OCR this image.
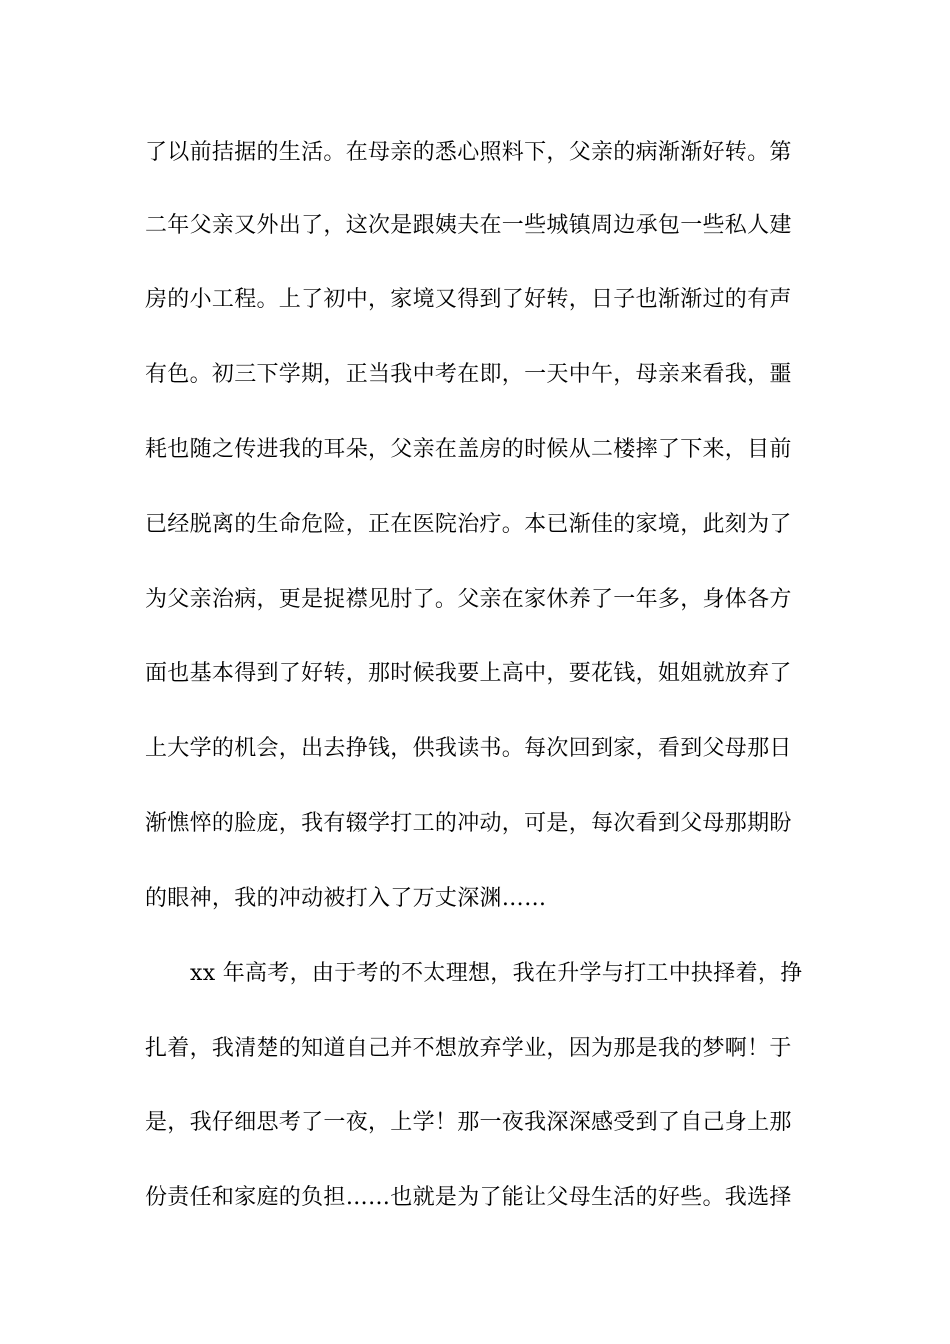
了以前拮据的生活。在母亲的悉心照料下，父亲的病渐渐好转。第
二年父亲又外出了，这次是跟姨夫在一些城镇周边承包一些私人建
房的小工程。上了初中，家境又得到了好转，日子也渐渐过的有声
有色。初三下学期，正当我中考在即，一天中午，母亲来看我，噩
耗也随之传进我的耳朵，父亲在盖房的时候从二楼摔了下来，目前
已经脱离的生命危险，正在医院治疗。本已渐佳的家境，此刻为了
为父亲治病，更是捉襟见肘了。父亲在家休养了一年多，身体各方
面也基本得到了好转，那时候我要上高中，要花钱，姐姐就放弃了
上大学的机会，出去挣钱，供我读书。每次回到家，看到父母那日
渐憔悴的脸庞，我有辍学打工的冲动，可是，每次看到父母那期盼
的眼神，我的冲动被打入了万丈深渊……
xx 年高考，由于考的不太理想，我在升学与打工中抉择着，挣
扎着，我清楚的知道自己并不想放弃学业，因为那是我的梦啊！于
是，我仔细思考了一夜，上学！那一夜我深深感受到了自己身上那
份责任和家庭的负担……也就是为了能让父母生活的好些。我选择
